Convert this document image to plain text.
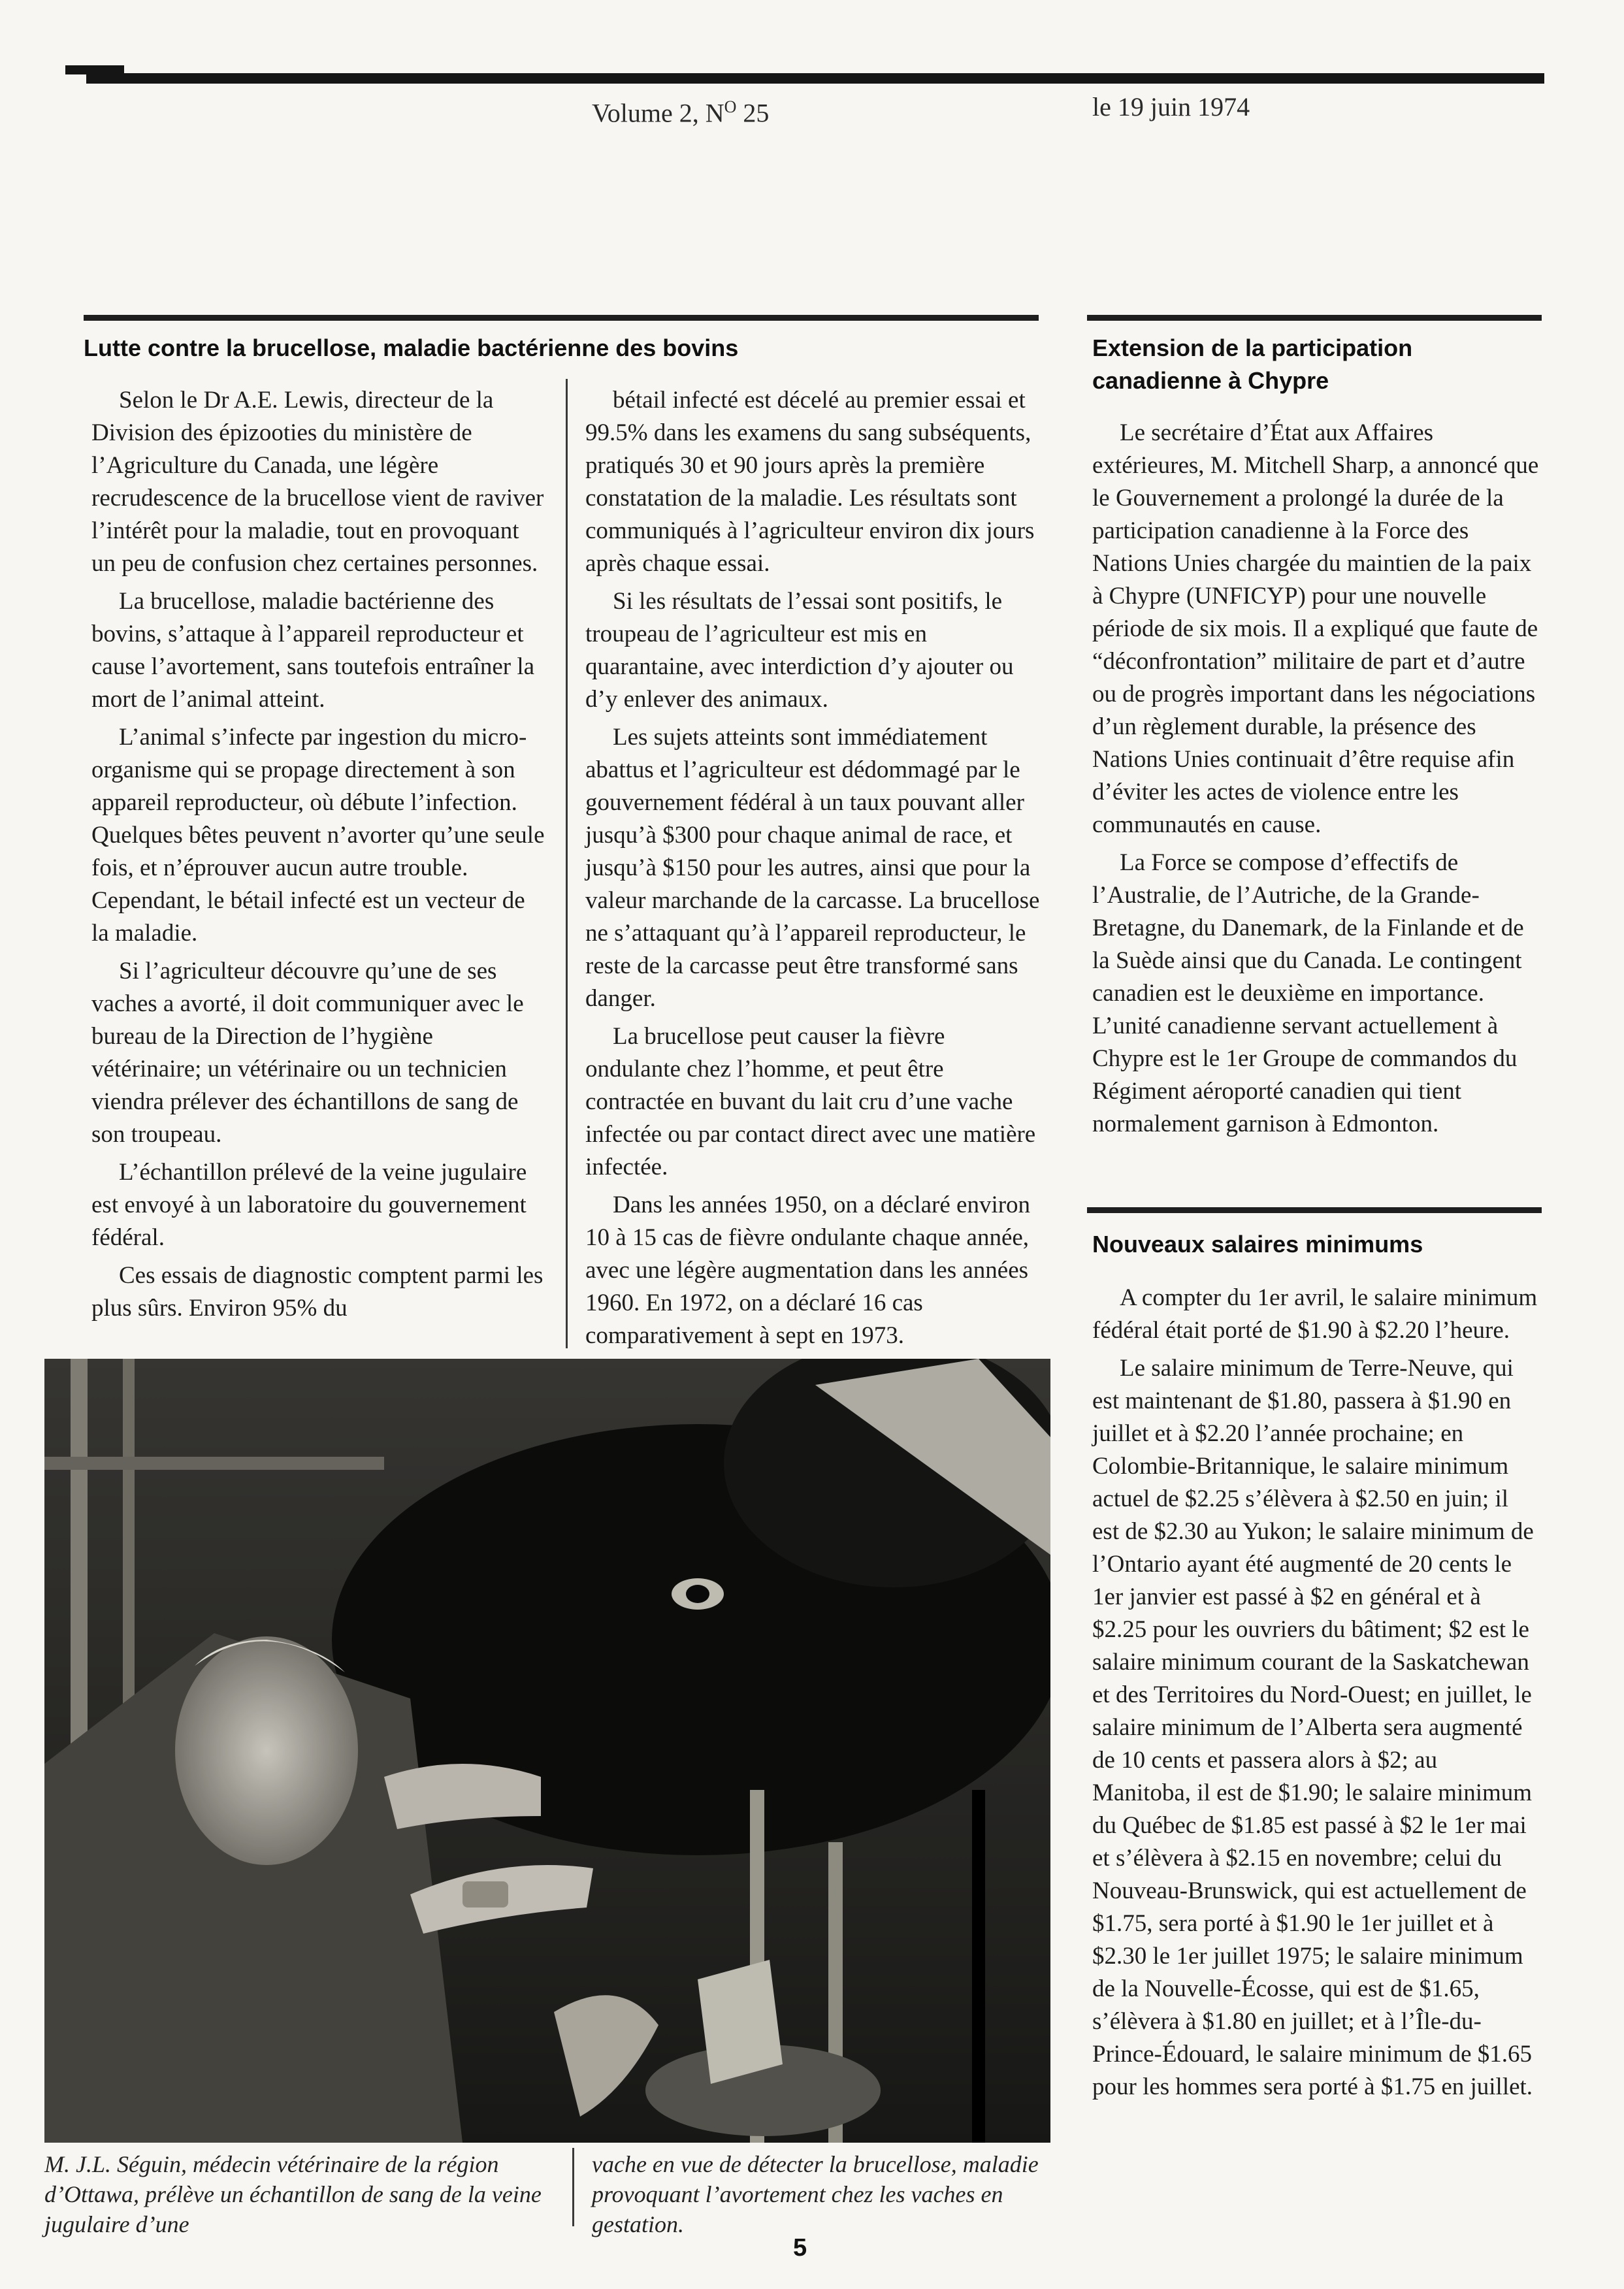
Volume 2, $N^O$ 25	le 19 juin 1974
Lutte contre la brucellose, maladie bactérienne des bovins

Selon le Dr A.E. Lewis, directeur de la Division des épizooties du ministère de l’Agriculture du Canada, une légère recrudescence de la brucellose vient de raviver l’intérêt pour la maladie, tout en provoquant un peu de confusion chez certaines personnes.

La brucellose, maladie bactérienne des bovins, s’attaque à l’appareil reproducteur et cause l’avortement, sans toutefois entraîner la mort de l’animal atteint.

L’animal s’infecte par ingestion du micro-organisme qui se propage directement à son appareil reproducteur, où débute l’infection. Quelques bêtes peuvent n’avorter qu’une seule fois, et n’éprouver aucun autre trouble. Cependant, le bétail infecté est un vecteur de la maladie.

Si l’agriculteur découvre qu’une de ses vaches a avorté, il doit communiquer avec le bureau de la Direction de l’hygiène vétérinaire; un vétérinaire ou un technicien viendra prélever des échantillons de sang de son troupeau.

L’échantillon prélevé de la veine jugulaire est envoyé à un laboratoire du gouvernement fédéral.

Ces essais de diagnostic comptent parmi les plus sûrs. Environ 95% du

bétail infecté est décelé au premier essai et 99.5% dans les examens du sang subséquents, pratiqués 30 et 90 jours après la première constatation de la maladie. Les résultats sont communiqués à l’agriculteur environ dix jours après chaque essai.

Si les résultats de l’essai sont positifs, le troupeau de l’agriculteur est mis en quarantaine, avec interdiction d’y ajouter ou d’y enlever des animaux.

Les sujets atteints sont immédiatement abattus et l’agriculteur est dédommagé par le gouvernement fédéral à un taux pouvant aller jusqu’à $300 pour chaque animal de race, et jusqu’à $150 pour les autres, ainsi que pour la valeur marchande de la carcasse. La brucellose ne s’attaquant qu’à l’appareil reproducteur, le reste de la carcasse peut être transformé sans danger.

La brucellose peut causer la fièvre ondulante chez l’homme, et peut être contractée en buvant du lait cru d’une vache infectée ou par contact direct avec une matière infectée.

Dans les années 1950, on a déclaré environ 10 à 15 cas de fièvre ondulante chaque année, avec une légère augmentation dans les années 1960. En 1972, on a déclaré 16 cas comparativement à sept en 1973.

M. J.L. Séguin, médecin vétérinaire de la région d’Ottawa, prélève un échantillon de sang de la veine jugulaire d’une
vache en vue de détecter la brucellose, maladie provoquant l’avortement chez les vaches en gestation.
Extension de la participation canadienne à Chypre

Le secrétaire d’État aux Affaires extérieures, M. Mitchell Sharp, a annoncé que le Gouvernement a prolongé la durée de la participation canadienne à la Force des Nations Unies chargée du maintien de la paix à Chypre (UNFICYP) pour une nouvelle période de six mois. Il a expliqué que faute de “déconfrontation” militaire de part et d’autre ou de progrès important dans les négociations d’un règlement durable, la présence des Nations Unies continuait d’être requise afin d’éviter les actes de violence entre les communautés en cause.

La Force se compose d’effectifs de l’Australie, de l’Autriche, de la Grande-Bretagne, du Danemark, de la Finlande et de la Suède ainsi que du Canada. Le contingent canadien est le deuxième en importance. L’unité canadienne servant actuellement à Chypre est le 1er Groupe de commandos du Régiment aéroporté canadien qui tient normalement garnison à Edmonton.

Nouveaux salaires minimums

A compter du 1er avril, le salaire minimum fédéral était porté de $1.90 à $2.20 l’heure.

Le salaire minimum de Terre-Neuve, qui est maintenant de $1.80, passera à $1.90 en juillet et à $2.20 l’année prochaine; en Colombie-Britannique, le salaire minimum actuel de $2.25 s’élèvera à $2.50 en juin; il est de $2.30 au Yukon; le salaire minimum de l’Ontario ayant été augmenté de 20 cents le 1er janvier est passé à $2 en général et à $2.25 pour les ouvriers du bâtiment; $2 est le salaire minimum courant de la Saskatchewan et des Territoires du Nord-Ouest; en juillet, le salaire minimum de l’Alberta sera augmenté de 10 cents et passera alors à $2; au Manitoba, il est de $1.90; le salaire minimum du Québec de $1.85 est passé à $2 le 1er mai et s’élèvera à $2.15 en novembre; celui du Nouveau-Brunswick, qui est actuellement de $1.75, sera porté à $1.90 le 1er juillet et à $2.30 le 1er juillet 1975; le salaire minimum de la Nouvelle-Écosse, qui est de $1.65, s’élèvera à $1.80 en juillet; et à l’Île-du-Prince-Édouard, le salaire minimum de $1.65 pour les hommes sera porté à $1.75 en juillet.

5
